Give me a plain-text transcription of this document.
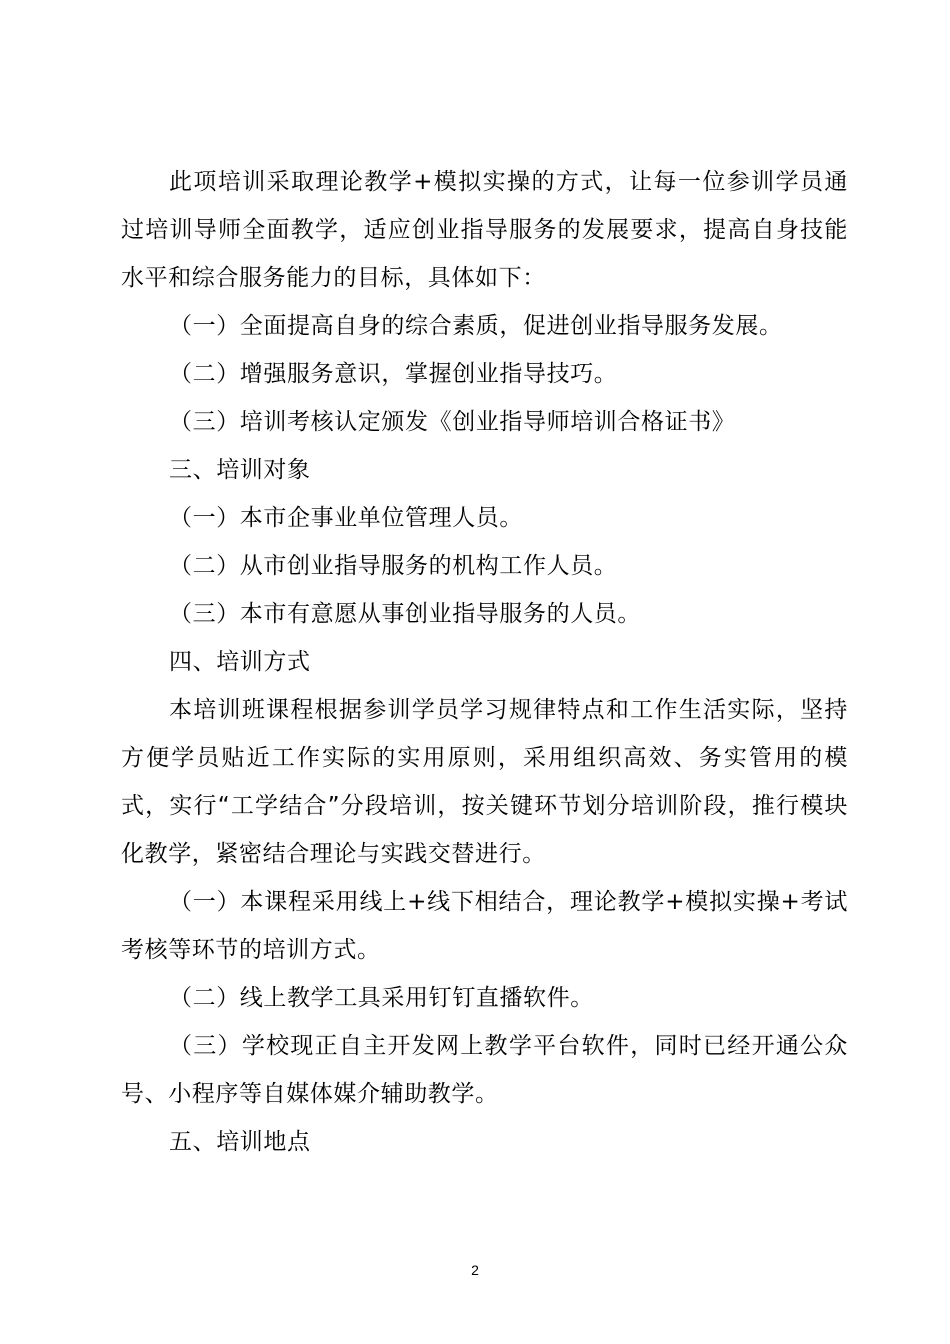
此项培训采取理论教学+模拟实操的方式，让每一位参训学员通过培训导师全面教学，适应创业指导服务的发展要求，提高自身技能水平和综合服务能力的目标，具体如下：

（一）全面提高自身的综合素质，促进创业指导服务发展。

（二）增强服务意识，掌握创业指导技巧。

（三）培训考核认定颁发《创业指导师培训合格证书》

三、培训对象

（一）本市企事业单位管理人员。

（二）从市创业指导服务的机构工作人员。

（三）本市有意愿从事创业指导服务的人员。

四、培训方式

本培训班课程根据参训学员学习规律特点和工作生活实际，坚持方便学员贴近工作实际的实用原则，采用组织高效、务实管用的模式，实行“工学结合”分段培训，按关键环节划分培训阶段，推行模块化教学，紧密结合理论与实践交替进行。

（一）本课程采用线上+线下相结合，理论教学+模拟实操+考试考核等环节的培训方式。

（二）线上教学工具采用钉钉直播软件。

（三）学校现正自主开发网上教学平台软件，同时已经开通公众号、小程序等自媒体媒介辅助教学。

五、培训地点

2
